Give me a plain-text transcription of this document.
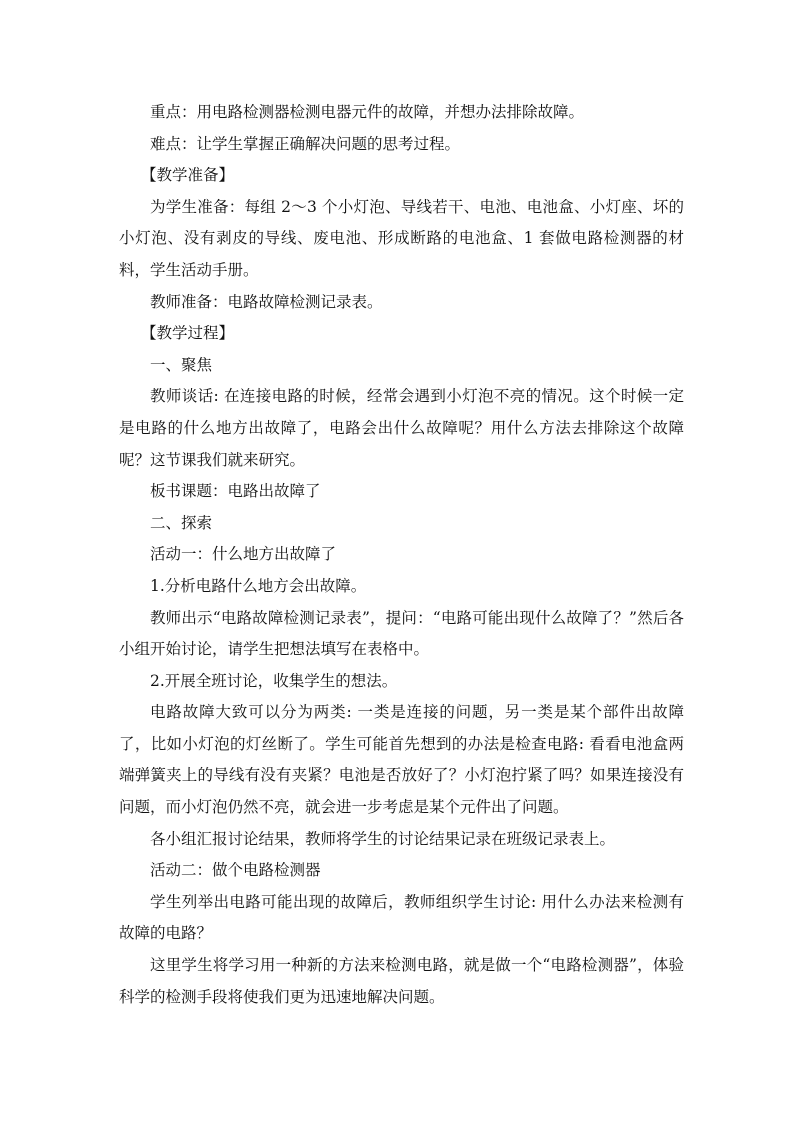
重点：用电路检测器检测电器元件的故障，并想办法排除故障。

难点：让学生掌握正确解决问题的思考过程。

【教学准备】

为学生准备：每组 2～3 个小灯泡、导线若干、电池、电池盒、小灯座、坏的小灯泡、没有剥皮的导线、废电池、形成断路的电池盒、1 套做电路检测器的材料，学生活动手册。

教师准备：电路故障检测记录表。

【教学过程】

一、聚焦

教师谈话: 在连接电路的时候，经常会遇到小灯泡不亮的情况。这个时候一定是电路的什么地方出故障了，电路会出什么故障呢？用什么方法去排除这个故障呢？这节课我们就来研究。

板书课题：电路出故障了

二、探索

活动一：什么地方出故障了

1.分析电路什么地方会出故障。

教师出示“电路故障检测记录表”，提问：“电路可能出现什么故障了？”然后各小组开始讨论，请学生把想法填写在表格中。

2.开展全班讨论，收集学生的想法。

电路故障大致可以分为两类: 一类是连接的问题，另一类是某个部件出故障了，比如小灯泡的灯丝断了。学生可能首先想到的办法是检查电路: 看看电池盒两端弹簧夹上的导线有没有夹紧？电池是否放好了？小灯泡拧紧了吗？如果连接没有问题，而小灯泡仍然不亮，就会进一步考虑是某个元件出了问题。

各小组汇报讨论结果，教师将学生的讨论结果记录在班级记录表上。

活动二：做个电路检测器

学生列举出电路可能出现的故障后，教师组织学生讨论: 用什么办法来检测有故障的电路？

这里学生将学习用一种新的方法来检测电路，就是做一个“电路检测器”，体验科学的检测手段将使我们更为迅速地解决问题。
